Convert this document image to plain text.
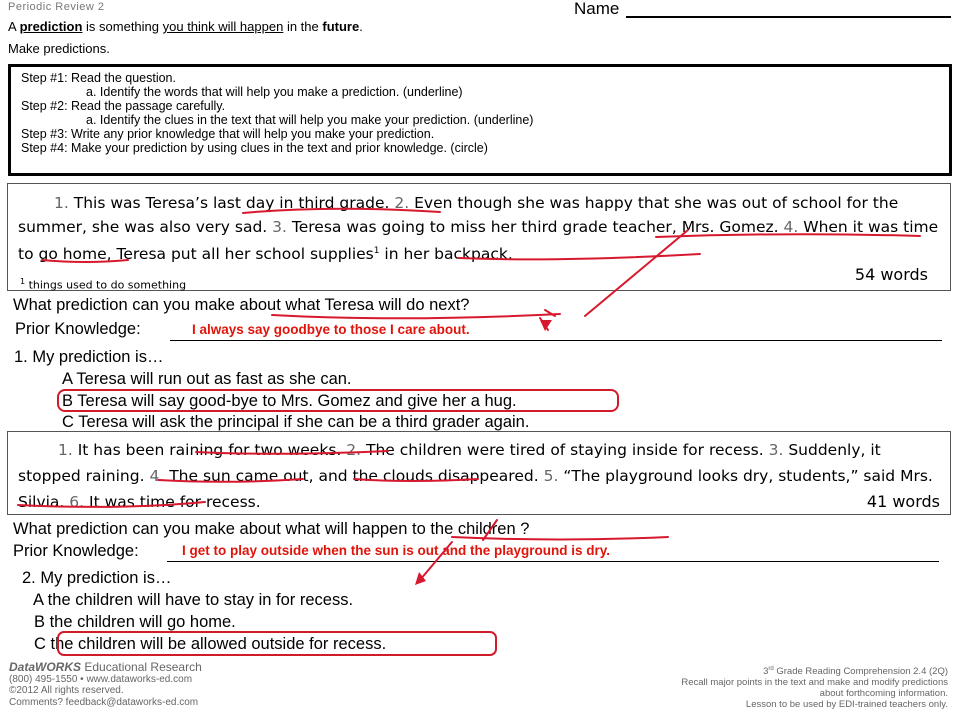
Periodic Review 2	Name
A prediction is something you think will happen in the future.
Make predictions.
Step #1: Read the question.
a. Identify the words that will help you make a prediction. (underline)
Step #2: Read the passage carefully.
a. Identify the clues in the text that will help you make your prediction. (underline)
Step #3: Write any prior knowledge that will help you make your prediction.
Step #4: Make your prediction by using clues in the text and prior knowledge. (circle)
1. This was Teresa’s last day in third grade. 2. Even though she was happy that she was out of school for the summer, she was also very sad. 3. Teresa was going to miss her third grade teacher, Mrs. Gomez. 4. When it was time to go home, Teresa put all her school supplies$^1$ in her backpack.
$^1$ things used to do something
54 words
What prediction can you make about what Teresa will do next?
Prior Knowledge:	I always say goodbye to those I care about.
1. My prediction is…
A Teresa will run out as fast as she can.
B Teresa will say good-bye to Mrs. Gomez and give her a hug.
C Teresa will ask the principal if she can be a third grader again.
1. It has been raining for two weeks. 2. The children were tired of staying inside for recess. 3. Suddenly, it stopped raining. 4. The sun came out, and the clouds disappeared. 5. “The playground looks dry, students,” said Mrs. Silvia. 6. It was time for recess.	41 words
What prediction can you make about what will happen to the children ?
Prior Knowledge:	I get to play outside when the sun is out and the playground is dry.
2. My prediction is…
A the children will have to stay in for recess.
B the children will go home.
C the children will be allowed outside for recess.
DataWORKS Educational Research
(800) 495-1550 • www.dataworks-ed.com
©2012 All rights reserved.
Comments? feedback@dataworks-ed.com
3rd Grade Reading Comprehension 2.4 (2Q)
Recall major points in the text and make and modify predictions
about forthcoming information.
Lesson to be used by EDI-trained teachers only.
